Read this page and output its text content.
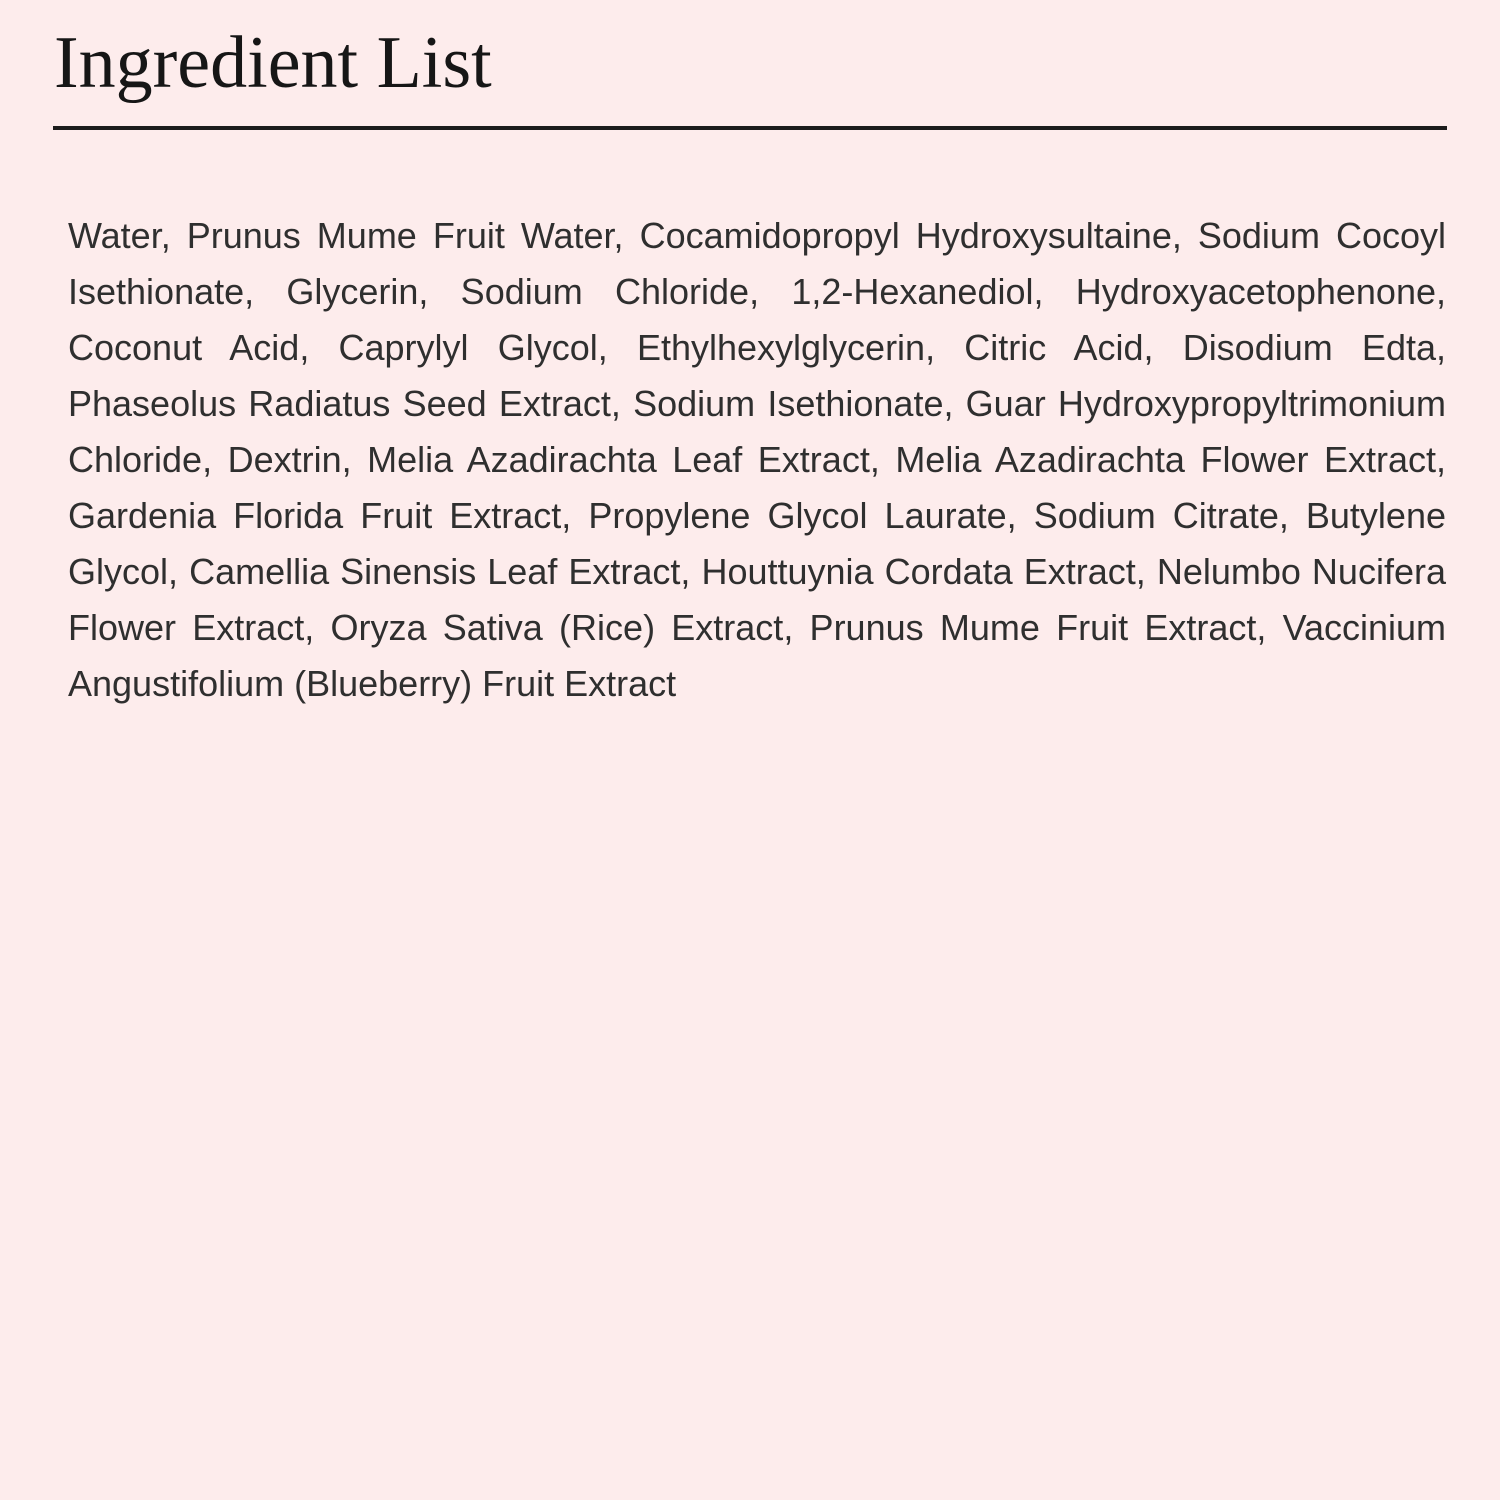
Ingredient List

Water, Prunus Mume Fruit Water, Cocamidopropyl Hydroxysultaine, Sodium Cocoyl Isethionate, Glycerin, Sodium Chloride, 1,2-Hexanediol, Hydroxyacetophenone, Coconut Acid, Caprylyl Glycol, Ethylhexylglycerin, Citric Acid, Disodium Edta, Phaseolus Radiatus Seed Extract, Sodium Isethionate, Guar Hydroxypropyltrimonium Chloride, Dextrin, Melia Azadirachta Leaf Extract, Melia Azadirachta Flower Extract, Gardenia Florida Fruit Extract, Propylene Glycol Laurate, Sodium Citrate, Butylene Glycol, Camellia Sinensis Leaf Extract, Houttuynia Cordata Extract, Nelumbo Nucifera Flower Extract, Oryza Sativa (Rice) Extract, Prunus Mume Fruit Extract, Vaccinium Angustifolium (Blueberry) Fruit Extract
